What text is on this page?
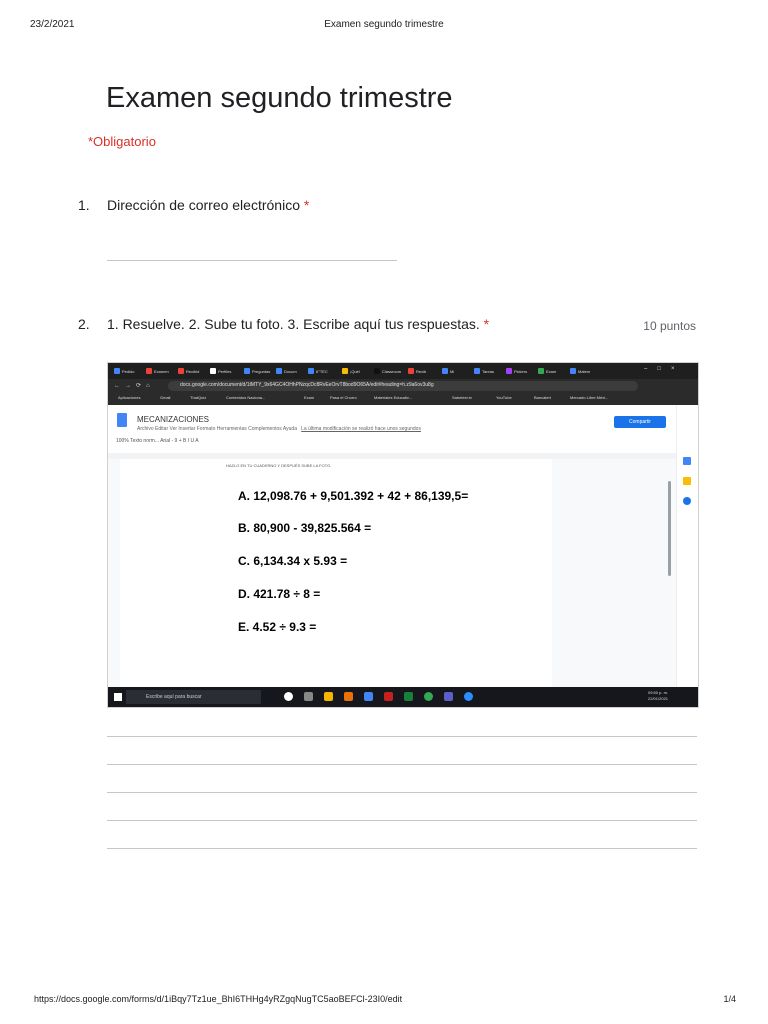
23/2/2021	Examen segundo trimestre
Examen segundo trimestre
*Obligatorio
1. Dirección de correo electrónico *
2. 1. Resuelve. 2. Sube tu foto. 3. Escribe aquí tus respuestas. *	10 puntos
Pedido	Examen	Recibid	Perfiles	Preguntas	Docum	6°TEC	¡Qué!	Classroom	Recib	Mi	Tareas	Pickers	Exam	Matem	–□×
←→⟳⌂	docs.google.com/document/d/1tMTY_9x64GC4OHhPNzqcDc8RvEeOrvT8bod9O65A/edit#heading=h.z9a6ov3u8g
Aplicaciones	Gmail	ThatQuiz	Contenidos Naciona...	Exam	Pasa el Chorro	Materiales Educativ...	Sabeleer.tv	YouTube	Bancalert	Mercado Libre Méxi...
MECANIZACIONES
Archivo Editar Ver Insertar Formato Herramientas Complementos Ayuda La última modificación se realizó hace unos segundos
100% Texto norm... Arial - 9 + B I U A
Compartir
HAZLO EN TU CUADERNO Y DESPUÉS SUBE LA FOTO.
A. 12,098.76 + 9,501.392 + 42 + 86,139,5=
B. 80,900 - 39,825.564 =
C. 6,134.34 x 5.93 =
D. 421.78 ÷ 8 =
E. 4.52 ÷ 9.3 =
Escribe aquí para buscar
09:50 p. m.
22/01/2021
https://docs.google.com/forms/d/1iBqy7Tz1ue_BhI6THHg4yRZgqNugTC5aoBEFCl-23I0/edit	1/4
